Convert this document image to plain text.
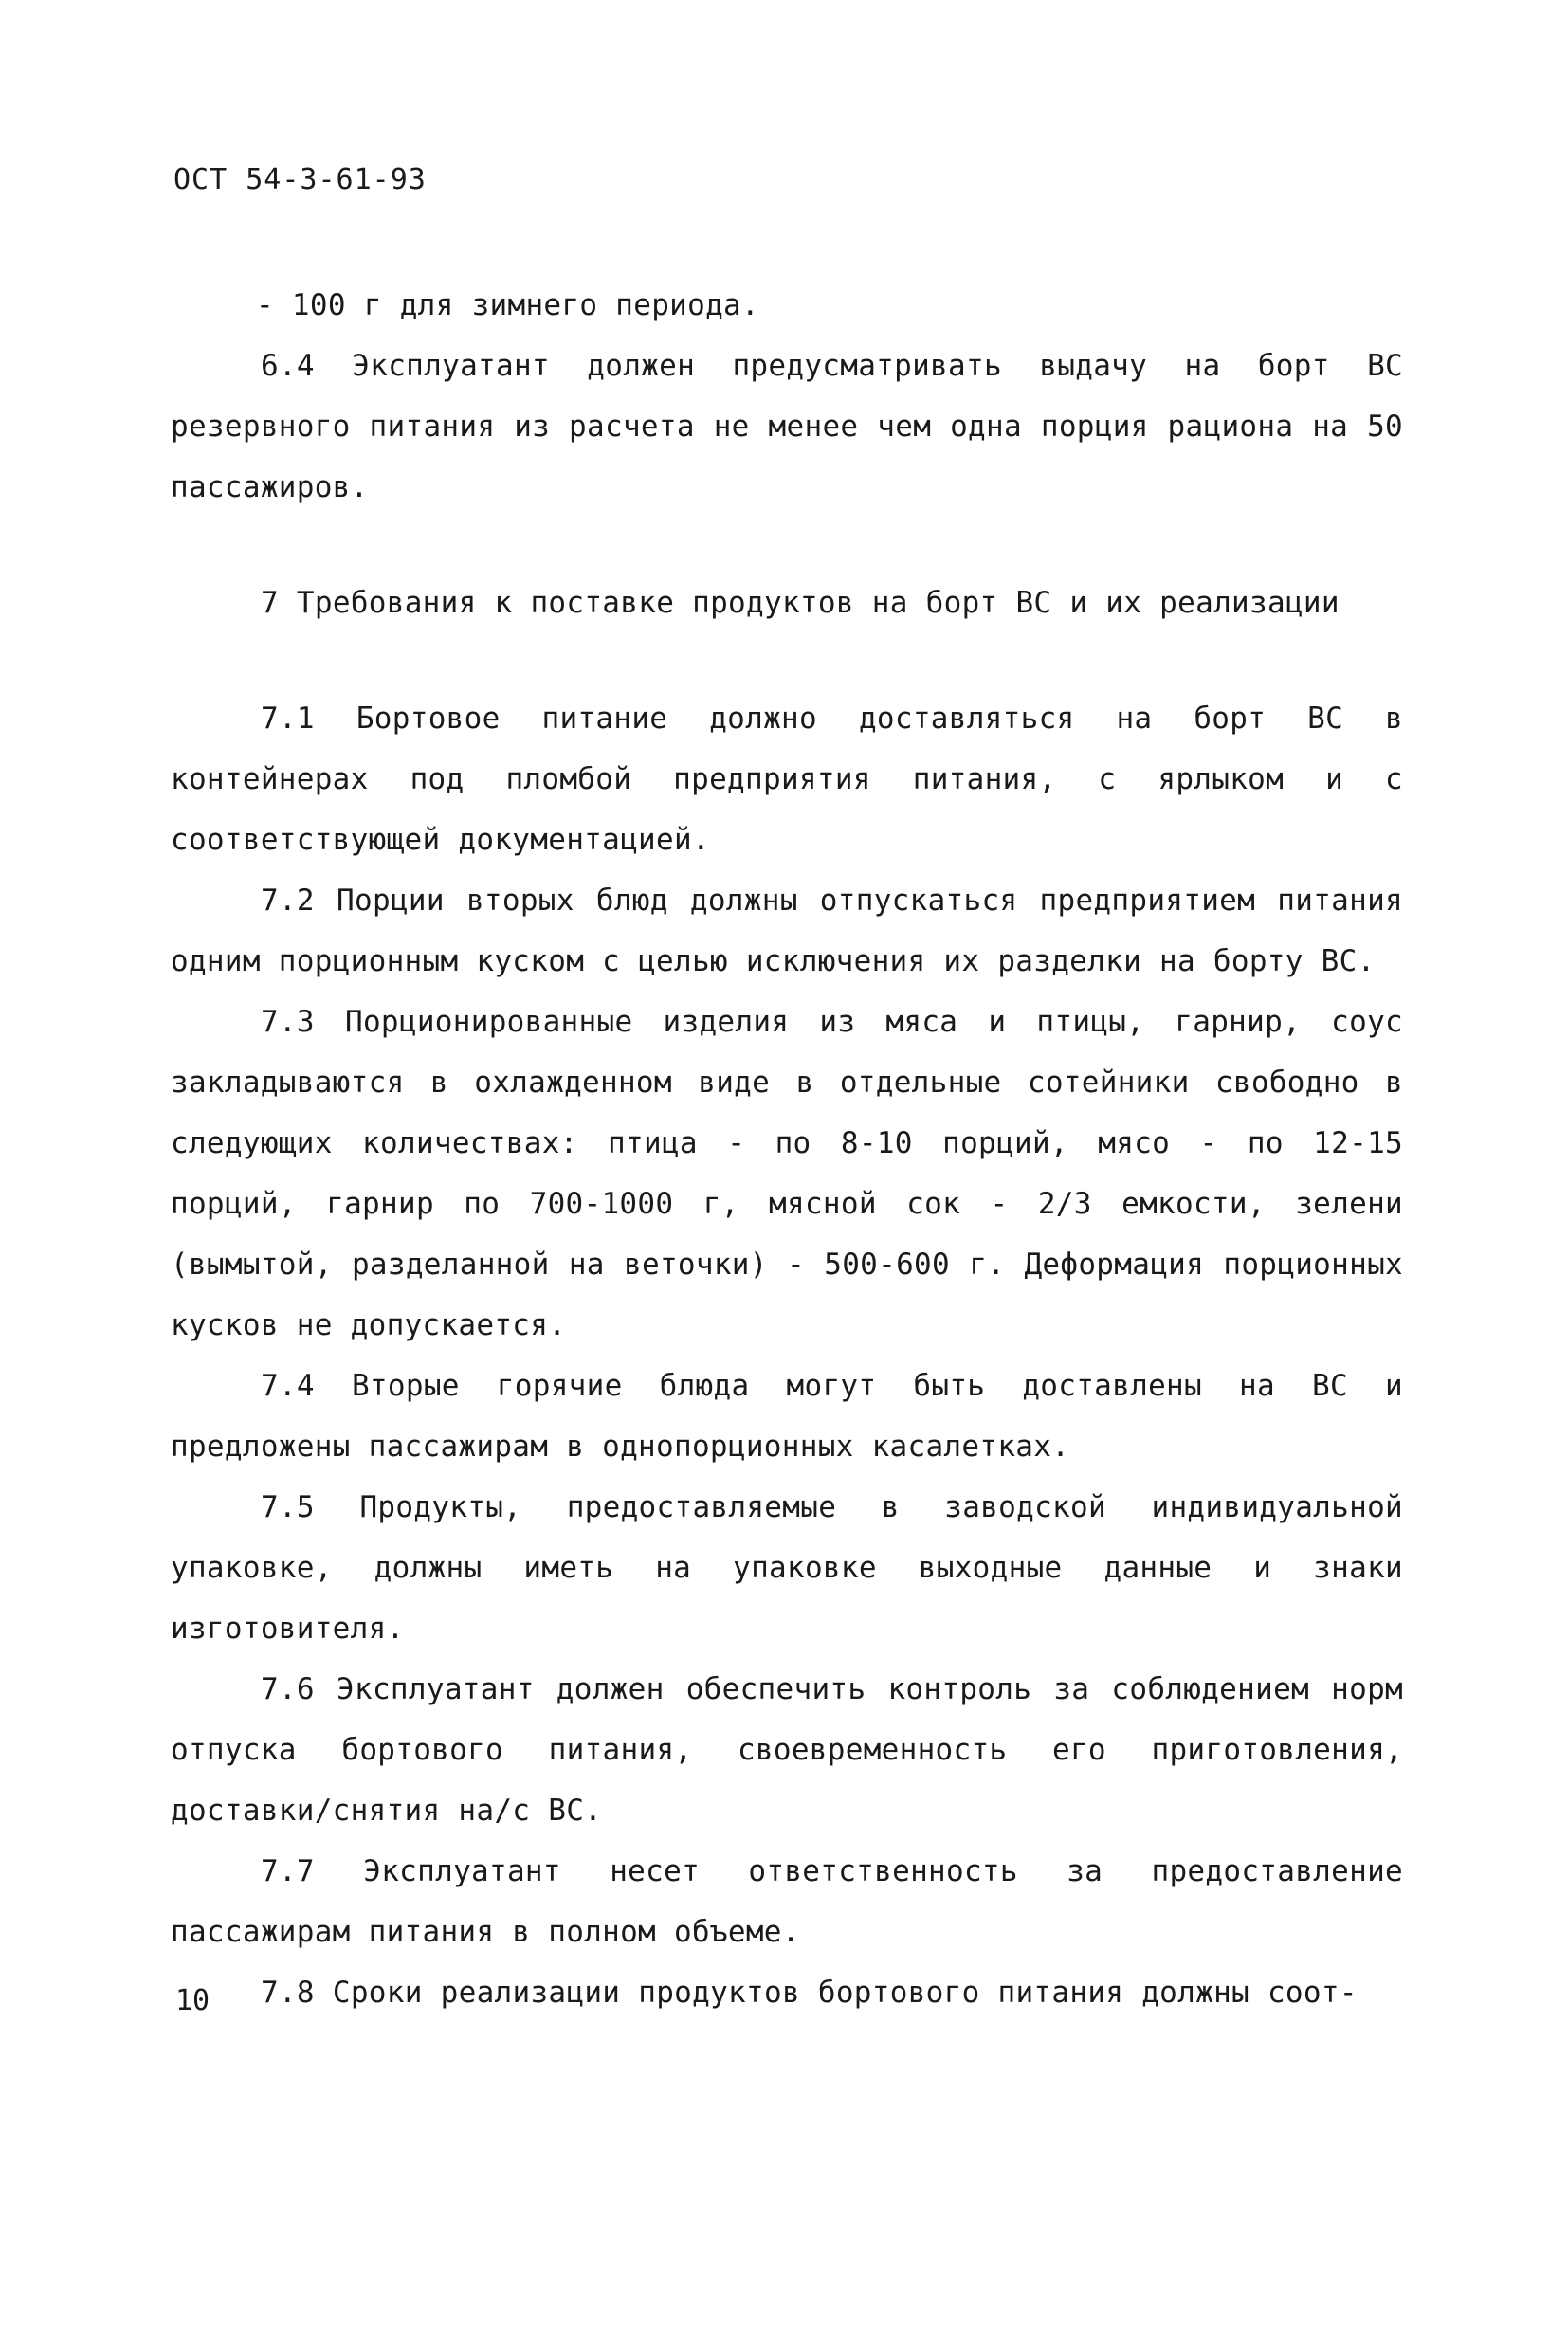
ОСТ 54-3-61-93

- 100 г для зимнего периода.

6.4 Эксплуатант должен предусматривать выдачу на борт ВС резервного питания из расчета не менее чем одна порция рациона на 50 пассажиров.

7 Требования к поставке продуктов на борт ВС и их реализации

7.1 Бортовое питание должно доставляться на борт ВС в контейнерах под пломбой предприятия питания, с ярлыком и с соответствующей документацией.

7.2 Порции вторых блюд должны отпускаться предприятием питания одним порционным куском с целью исключения их разделки на борту ВС.

7.3 Порционированные изделия из мяса и птицы, гарнир, соус закладываются в охлажденном виде в отдельные сотейники свободно в следующих количествах: птица - по 8-10 порций, мясо - по 12-15 порций, гарнир по 700-1000 г, мясной сок - 2/3 емкости, зелени (вымытой, разделанной на веточки) - 500-600 г. Деформация порционных кусков не допускается.

7.4 Вторые горячие блюда могут быть доставлены на ВС и предложены пассажирам в однопорционных касалетках.

7.5 Продукты, предоставляемые в заводской индивидуальной упаковке, должны иметь на упаковке выходные данные и знаки изготовителя.

7.6 Эксплуатант должен обеспечить контроль за соблюдением норм отпуска бортового питания, своевременность его приготовления, доставки/снятия на/с ВС.

7.7 Эксплуатант несет ответственность за предоставление пассажирам питания в полном объеме.

7.8 Сроки реализации продуктов бортового питания должны соот-

10
